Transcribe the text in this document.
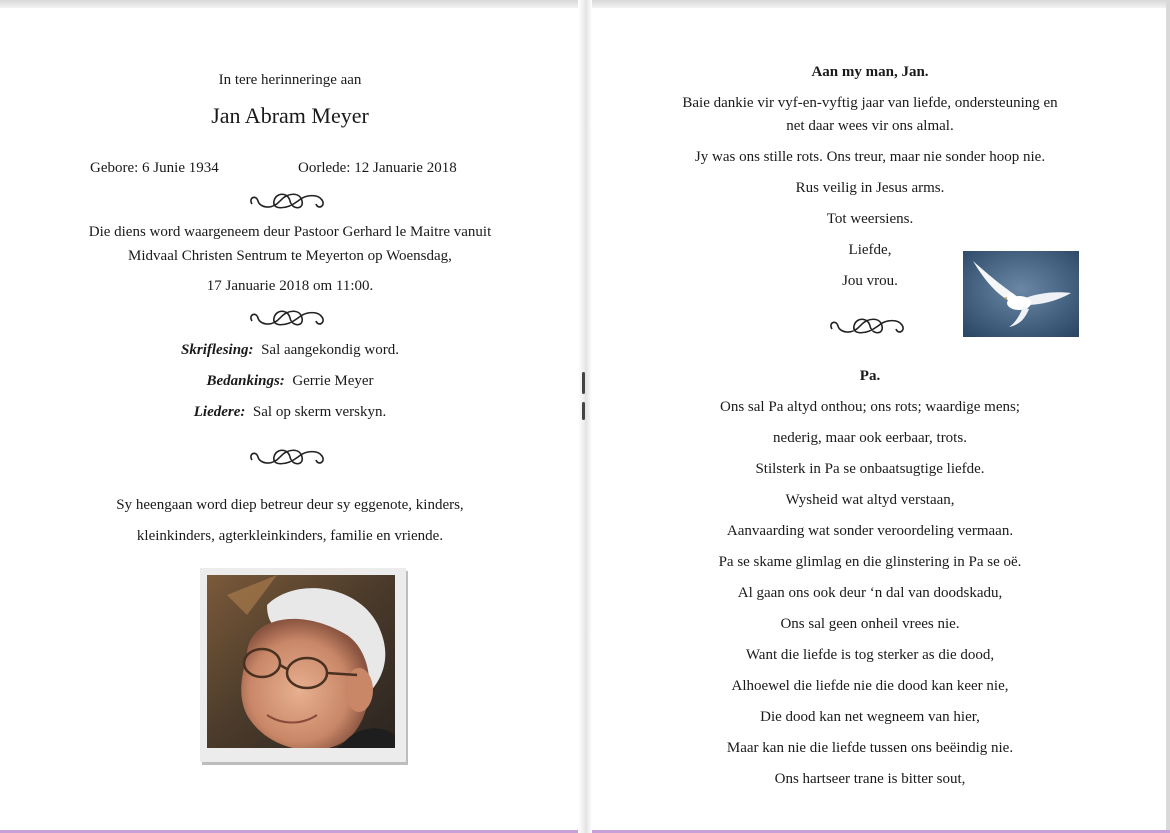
In tere herinneringe aan
Jan Abram Meyer
Gebore: 6 Junie 1934	Oorlede: 12 Januarie 2018
Die diens word waargeneem deur Pastoor Gerhard le Maitre vanuit
Midvaal Christen Sentrum te Meyerton op Woensdag,
17 Januarie 2018 om 11:00.
Skriflesing: Sal aangekondig word.
Bedankings: Gerrie Meyer
Liedere: Sal op skerm verskyn.
Sy heengaan word diep betreur deur sy eggenote, kinders,
kleinkinders, agterkleinkinders, familie en vriende.
Aan my man, Jan.
Baie dankie vir vyf-en-vyftig jaar van liefde, ondersteuning en
net daar wees vir ons almal.
Jy was ons stille rots. Ons treur, maar nie sonder hoop nie.
Rus veilig in Jesus arms.
Tot weersiens.
Liefde,
Jou vrou.
Pa.
Ons sal Pa altyd onthou; ons rots; waardige mens;
nederig, maar ook eerbaar, trots.
Stilsterk in Pa se onbaatsugtige liefde.
Wysheid wat altyd verstaan,
Aanvaarding wat sonder veroordeling vermaan.
Pa se skame glimlag en die glinstering in Pa se oë.
Al gaan ons ook deur ‘n dal van doodskadu,
Ons sal geen onheil vrees nie.
Want die liefde is tog sterker as die dood,
Alhoewel die liefde nie die dood kan keer nie,
Die dood kan net wegneem van hier,
Maar kan nie die liefde tussen ons beëindig nie.
Ons hartseer trane is bitter sout,
